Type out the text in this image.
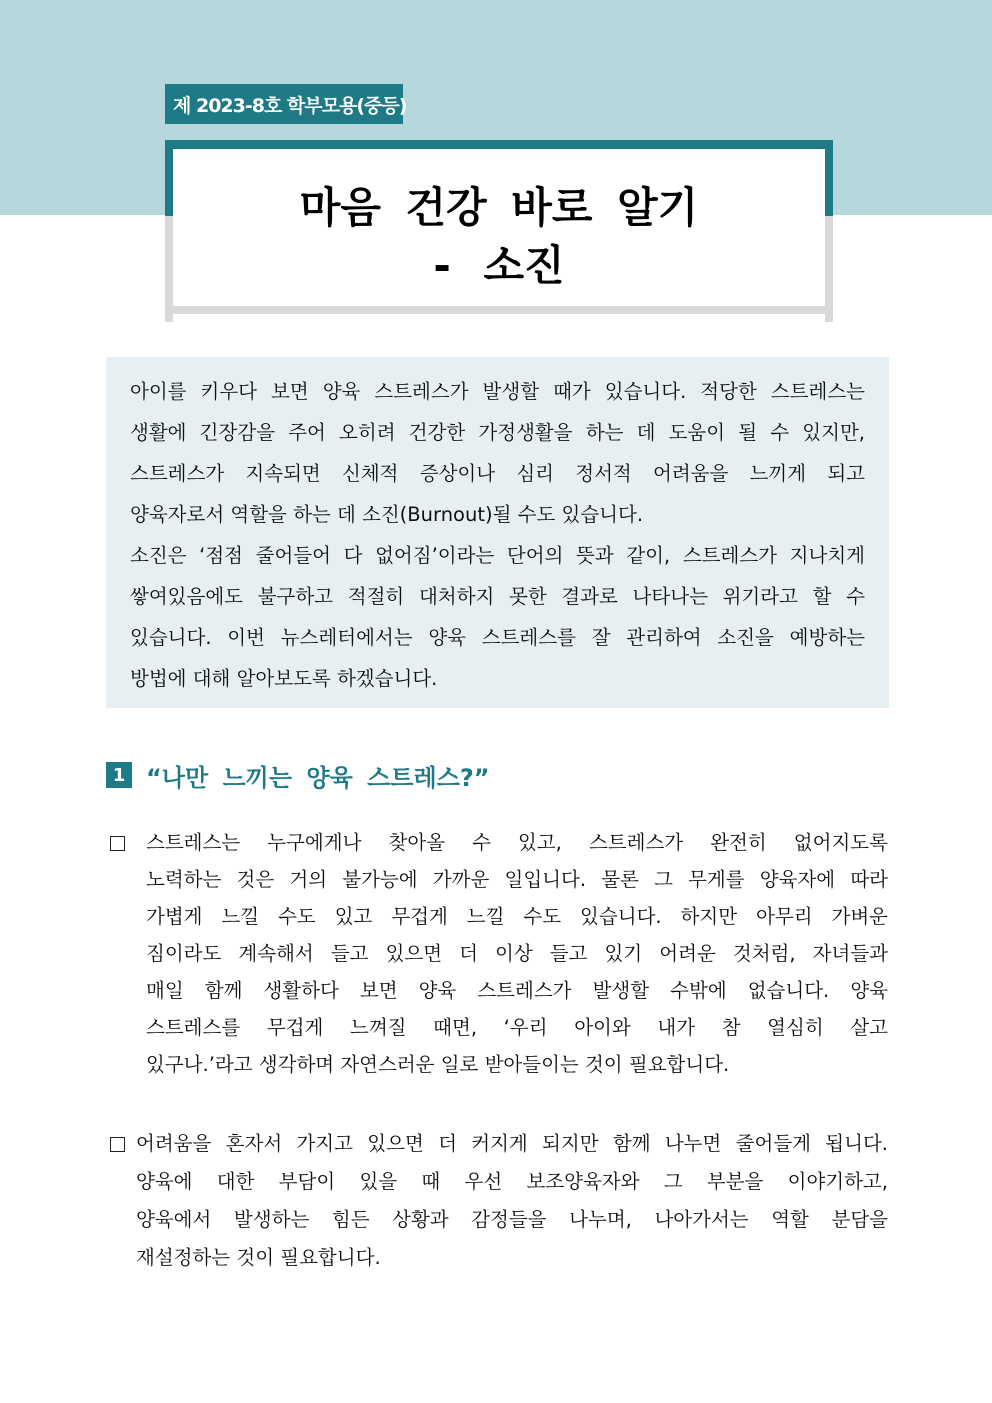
제 2023-8호 학부모용(중등)
마음 건강 바로 알기
- 소진
아이를 키우다 보면 양육 스트레스가 발생할 때가 있습니다. 적당한 스트레스는
생활에 긴장감을 주어 오히려 건강한 가정생활을 하는 데 도움이 될 수 있지만,
스트레스가 지속되면 신체적 증상이나 심리 정서적 어려움을 느끼게 되고
양육자로서 역할을 하는 데 소진(Burnout)될 수도 있습니다.
소진은 ‘점점 줄어들어 다 없어짐’이라는 단어의 뜻과 같이, 스트레스가 지나치게
쌓여있음에도 불구하고 적절히 대처하지 못한 결과로 나타나는 위기라고 할 수
있습니다. 이번 뉴스레터에서는 양육 스트레스를 잘 관리하여 소진을 예방하는
방법에 대해 알아보도록 하겠습니다.
1 “나만 느끼는 양육 스트레스?”
스트레스는 누구에게나 찾아올 수 있고, 스트레스가 완전히 없어지도록
노력하는 것은 거의 불가능에 가까운 일입니다. 물론 그 무게를 양육자에 따라
가볍게 느낄 수도 있고 무겁게 느낄 수도 있습니다. 하지만 아무리 가벼운
짐이라도 계속해서 들고 있으면 더 이상 들고 있기 어려운 것처럼, 자녀들과
매일 함께 생활하다 보면 양육 스트레스가 발생할 수밖에 없습니다. 양육
스트레스를 무겁게 느껴질 때면, ‘우리 아이와 내가 참 열심히 살고
있구나.’라고 생각하며 자연스러운 일로 받아들이는 것이 필요합니다.
어려움을 혼자서 가지고 있으면 더 커지게 되지만 함께 나누면 줄어들게 됩니다.
양육에 대한 부담이 있을 때 우선 보조양육자와 그 부분을 이야기하고,
양육에서 발생하는 힘든 상황과 감정들을 나누며, 나아가서는 역할 분담을
재설정하는 것이 필요합니다.
